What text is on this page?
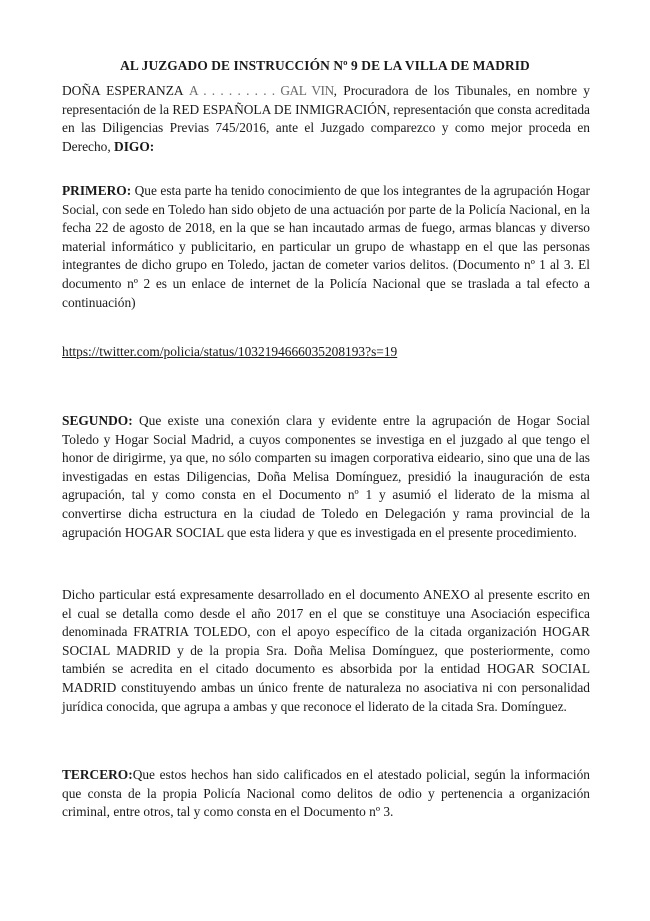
AL JUZGADO DE INSTRUCCIÓN Nº 9 DE LA VILLA DE MADRID

DOÑA ESPERANZA A . . . . . . . . . GAL VIN, Procuradora de los Tibunales, en nombre y representación de la RED ESPAÑOLA DE INMIGRACIÓN, representación que consta acreditada en las Diligencias Previas 745/2016, ante el Juzgado comparezco y como mejor proceda en Derecho, DIGO:

PRIMERO: Que esta parte ha tenido conocimiento de que los integrantes de la agrupación Hogar Social, con sede en Toledo han sido objeto de una actuación por parte de la Policía Nacional, en la fecha 22 de agosto de 2018, en la que se han incautado armas de fuego, armas blancas y diverso material informático y publicitario, en particular un grupo de whastapp en el que las personas integrantes de dicho grupo en Toledo, jactan de cometer varios delitos. (Documento nº 1 al 3. El documento nº 2 es un enlace de internet de la Policía Nacional que se traslada a tal efecto a continuación)

https://twitter.com/policia/status/1032194666035208193?s=19

SEGUNDO: Que existe una conexión clara y evidente entre la agrupación de Hogar Social Toledo y Hogar Social Madrid, a cuyos componentes se investiga en el juzgado al que tengo el honor de dirigirme, ya que, no sólo comparten su imagen corporativa eideario, sino que una de las investigadas en estas Diligencias, Doña Melisa Domínguez, presidió la inauguración de esta agrupación, tal y como consta en el Documento nº 1 y asumió el liderato de la misma al convertirse dicha estructura en la ciudad de Toledo en Delegación y rama provincial de la agrupación HOGAR SOCIAL que esta lidera y que es investigada en el presente procedimiento.

Dicho particular está expresamente desarrollado en el documento ANEXO al presente escrito en el cual se detalla como desde el año 2017 en el que se constituye una Asociación especifica denominada FRATRIA TOLEDO, con el apoyo específico de la citada organización HOGAR SOCIAL MADRID y de la propia Sra. Doña Melisa Domínguez, que posteriormente, como también se acredita en el citado documento es absorbida por la entidad HOGAR SOCIAL MADRID constituyendo ambas un único frente de naturaleza no asociativa ni con personalidad jurídica conocida, que agrupa a ambas y que reconoce el liderato de la citada Sra. Domínguez.

TERCERO:Que estos hechos han sido calificados en el atestado policial, según la información que consta de la propia Policía Nacional como delitos de odio y pertenencia a organización criminal, entre otros, tal y como consta en el Documento nº 3.
